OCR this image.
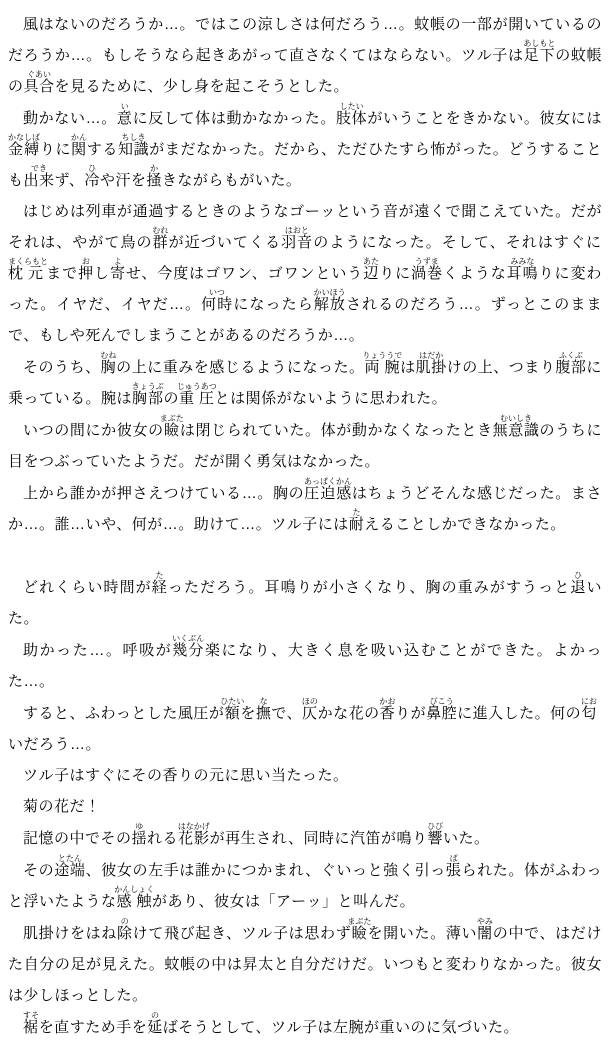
風はないのだろうか…。ではこの涼しさは何だろう…。蚊帳の一部が開いているのだろうか…。もしそうなら起きあがって直さなくてはならない。ツル子は足下あしもとの蚊帳の具合ぐあいを見るために、少し身を起こそうとした。

動かない…。意いに反して体は動かなかった。肢体したいがいうことをきかない。彼女には金縛かなしばりに関かんする知識ちしきがまだなかった。だから、ただひたすら怖がった。どうすることも出来できず、冷ひや汗を掻かきながらもがいた。

はじめは列車が通過するときのようなゴーッという音が遠くで聞こえていた。だがそれは、やがて鳥の群むれが近づいてくる羽音はおとのようになった。そして、それはすぐに枕元まくらもとまで押おし寄よせ、今度はゴワン、ゴワンという辺あたりに渦巻うずまくような耳鳴みみなりに変わった。イヤだ、イヤだ…。何時いつになったら解放かいほうされるのだろう…。ずっとこのままで、もしや死んでしまうことがあるのだろうか…。

そのうち、胸むねの上に重みを感じるようになった。両腕りょううでは肌掛はだかけの上、つまり腹部ふくぶに乗っている。腕は胸部きょうぶの重圧じゅうあつとは関係がないように思われた。

いつの間にか彼女の瞼まぶたは閉じられていた。体が動かなくなったとき無意識むいしきのうちに目をつぶっていたようだ。だが開く勇気はなかった。

上から誰かが押さえつけている…。胸の圧迫感あっぱくかんはちょうどそんな感じだった。まさか…。誰…いや、何が…。助けて…。ツル子には耐たえることしかできなかった。

どれくらい時間が経たっただろう。耳鳴りが小さくなり、胸の重みがすうっと退ひいた。

助かった…。呼吸が幾分いくぶん楽になり、大きく息を吸い込むことができた。よかった…。

すると、ふわっとした風圧が額ひたいを撫なで、仄ほのかな花の香かおりが鼻腔びこうに進入した。何の匂においだろう…。

ツル子はすぐにその香りの元に思い当たった。

菊の花だ！

記憶の中でその揺ゆれる花影はなかげが再生され、同時に汽笛が鳴り響ひびいた。

その途端とたん、彼女の左手は誰かにつかまれ、ぐいっと強く引っ張ぱられた。体がふわっと浮いたような感触かんしょくがあり、彼女は「アーッ」と叫んだ。

肌掛けをはね除のけて飛び起き、ツル子は思わず瞼まぶたを開いた。薄い闇やみの中で、はだけた自分の足が見えた。蚊帳の中は昇太と自分だけだ。いつもと変わりなかった。彼女は少しほっとした。

裾すそを直すため手を延のばそうとして、ツル子は左腕が重いのに気づいた。
